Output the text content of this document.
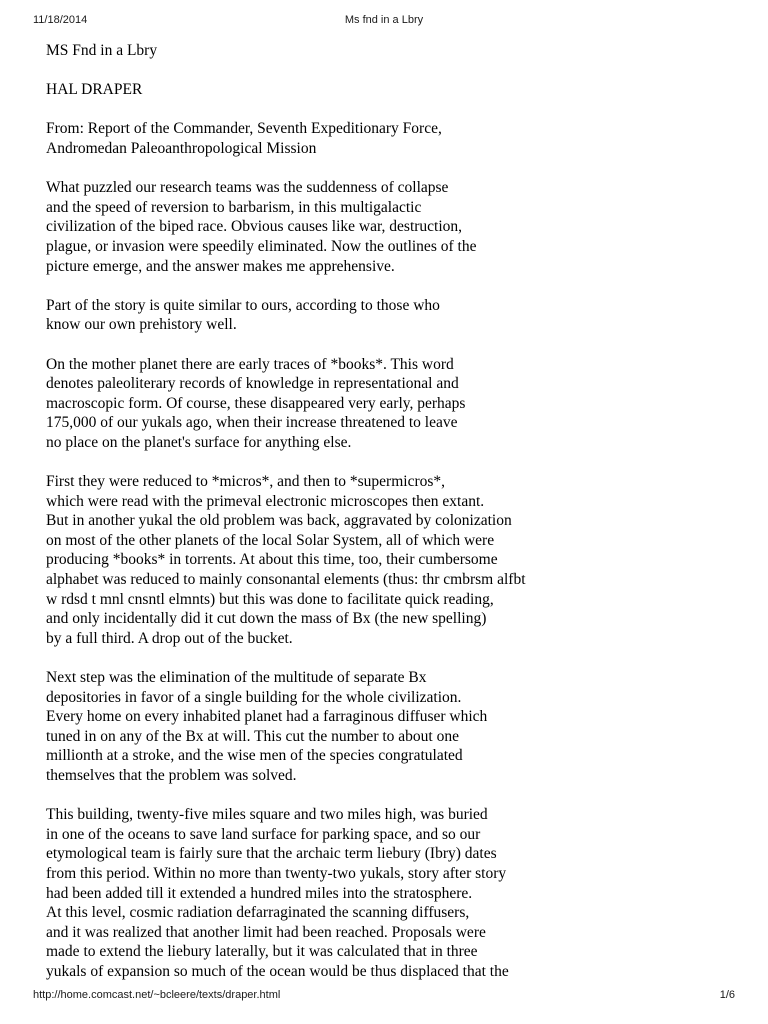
11/18/2014	Ms fnd in a Lbry
MS Fnd in a Lbry
HAL DRAPER
From: Report of the Commander, Seventh Expeditionary Force,
Andromedan Paleoanthropological Mission
What puzzled our research teams was the suddenness of collapse
and the speed of reversion to barbarism, in this multigalactic
civilization of the biped race. Obvious causes like war, destruction,
plague, or invasion were speedily eliminated. Now the outlines of the
picture emerge, and the answer makes me apprehensive.
Part of the story is quite similar to ours, according to those who
know our own prehistory well.
On the mother planet there are early traces of *books*. This word
denotes paleoliterary records of knowledge in representational and
macroscopic form. Of course, these disappeared very early, perhaps
175,000 of our yukals ago, when their increase threatened to leave
no place on the planet's surface for anything else.
First they were reduced to *micros*, and then to *supermicros*,
which were read with the primeval electronic microscopes then extant.
But in another yukal the old problem was back, aggravated by colonization
on most of the other planets of the local Solar System, all of which were
producing *books* in torrents. At about this time, too, their cumbersome
alphabet was reduced to mainly consonantal elements (thus: thr cmbrsm alfbt
w rdsd t mnl cnsntl elmnts) but this was done to facilitate quick reading,
and only incidentally did it cut down the mass of Bx (the new spelling)
by a full third. A drop out of the bucket.
Next step was the elimination of the multitude of separate Bx
depositories in favor of a single building for the whole civilization.
Every home on every inhabited planet had a farraginous diffuser which
tuned in on any of the Bx at will. This cut the number to about one
millionth at a stroke, and the wise men of the species congratulated
themselves that the problem was solved.
This building, twenty-five miles square and two miles high, was buried
in one of the oceans to save land surface for parking space, and so our
etymological team is fairly sure that the archaic term liebury (Ibry) dates
from this period. Within no more than twenty-two yukals, story after story
had been added till it extended a hundred miles into the stratosphere.
At this level, cosmic radiation defarraginated the scanning diffusers,
and it was realized that another limit had been reached. Proposals were
made to extend the liebury laterally, but it was calculated that in three
yukals of expansion so much of the ocean would be thus displaced that the
http://home.comcast.net/~bcleere/texts/draper.html	1/6
